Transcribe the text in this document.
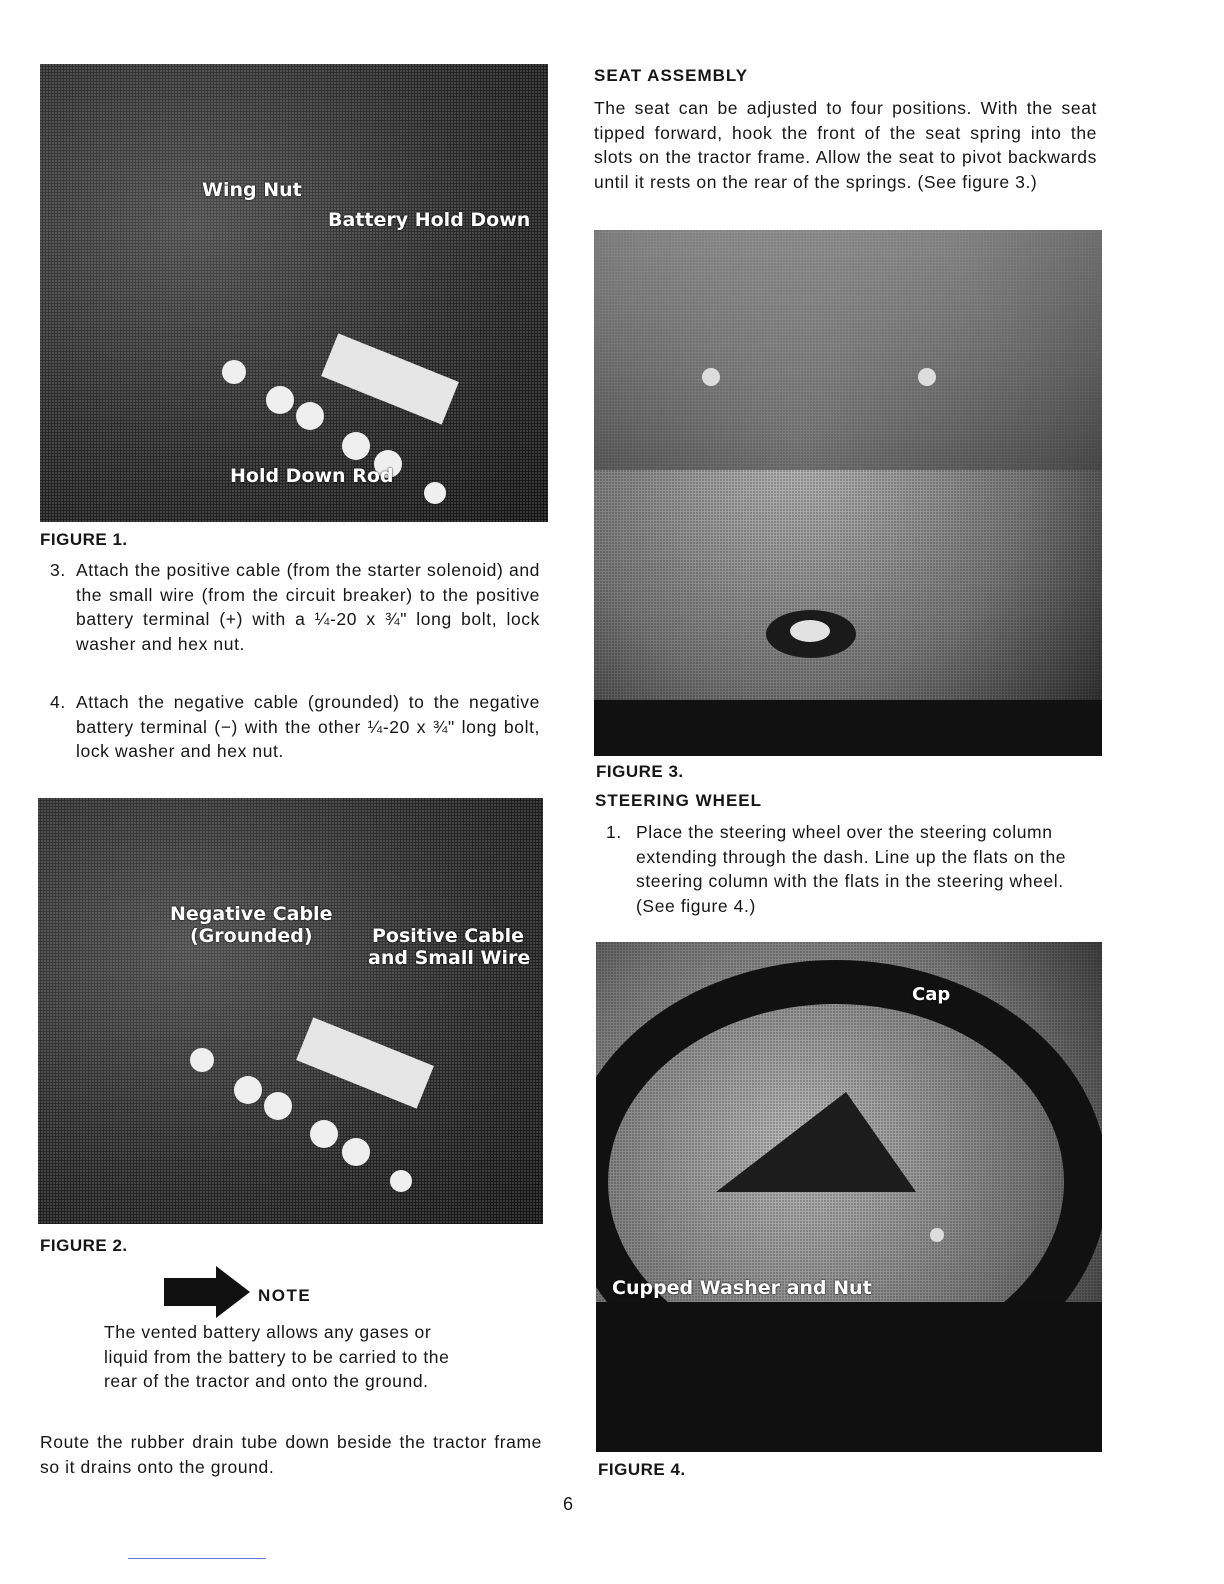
Wing Nut
Battery Hold Down
Hold Down Rod
FIGURE 1.
3. Attach the positive cable (from the starter solenoid) and the small wire (from the circuit breaker) to the positive battery terminal (+) with a ¼-20 x ¾" long bolt, lock washer and hex nut.
4. Attach the negative cable (grounded) to the negative battery terminal (−) with the other ¼-20 x ¾" long bolt, lock washer and hex nut.
Negative Cable
(Grounded)	Positive Cable
and Small Wire
FIGURE 2.
NOTE
The vented battery allows any gases or liquid from the battery to be carried to the rear of the tractor and onto the ground.
Route the rubber drain tube down beside the tractor frame so it drains onto the ground.
SEAT ASSEMBLY
The seat can be adjusted to four positions. With the seat tipped forward, hook the front of the seat spring into the slots on the tractor frame. Allow the seat to pivot backwards until it rests on the rear of the springs. (See figure 3.)
FIGURE 3.
STEERING WHEEL
1. Place the steering wheel over the steering column extending through the dash. Line up the flats on the steering column with the flats in the steering wheel. (See figure 4.)
Cap
Cupped Washer and Nut
FIGURE 4.
6
